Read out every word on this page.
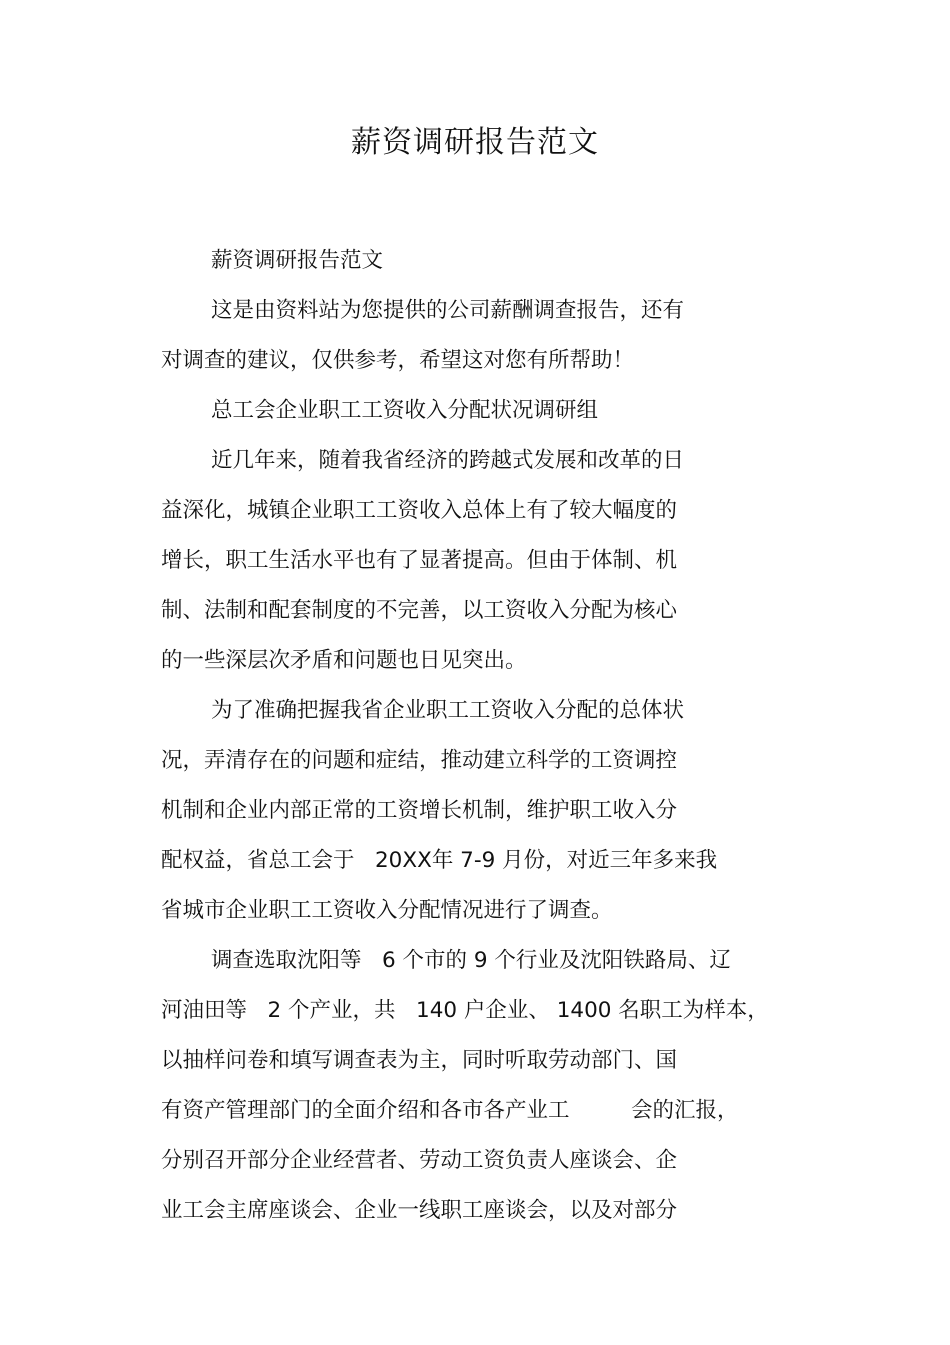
薪资调研报告范文
薪资调研报告范文
这是由资料站为您提供的公司薪酬调查报告，还有
对调查的建议，仅供参考，希望这对您有所帮助！
总工会企业职工工资收入分配状况调研组
近几年来，随着我省经济的跨越式发展和改革的日
益深化，城镇企业职工工资收入总体上有了较大幅度的
增长，职工生活水平也有了显著提高。但由于体制、机
制、法制和配套制度的不完善，以工资收入分配为核心
的一些深层次矛盾和问题也日见突出。
为了准确把握我省企业职工工资收入分配的总体状
况，弄清存在的问题和症结，推动建立科学的工资调控
机制和企业内部正常的工资增长机制，维护职工收入分
配权益，省总工会于   20XX年 7-9 月份，对近三年多来我
省城市企业职工工资收入分配情况进行了调查。
调查选取沈阳等   6 个市的 9 个行业及沈阳铁路局、辽
河油田等   2 个产业，共   140 户企业、 1400 名职工为样本，
以抽样问卷和填写调查表为主，同时听取劳动部门、国
有资产管理部门的全面介绍和各市各产业工         会的汇报，
分别召开部分企业经营者、劳动工资负责人座谈会、企
业工会主席座谈会、企业一线职工座谈会，以及对部分
